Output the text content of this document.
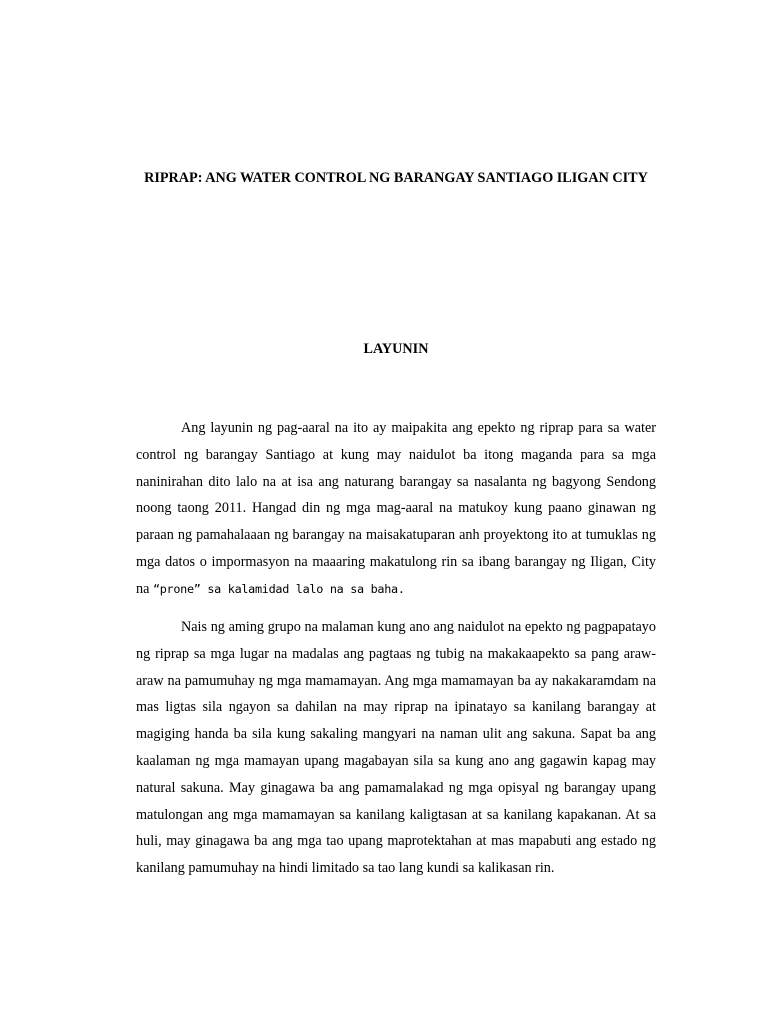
RIPRAP: ANG WATER CONTROL NG BARANGAY SANTIAGO ILIGAN CITY

LAYUNIN

Ang layunin ng pag-aaral na ito ay maipakita ang epekto ng riprap para sa water control ng barangay Santiago at kung may naidulot ba itong maganda para sa mga naninirahan dito lalo na at isa ang naturang barangay sa nasalanta ng bagyong Sendong noong taong 2011. Hangad din ng mga mag-aaral na matukoy kung paano ginawan ng paraan ng pamahalaaan ng barangay na maisakatuparan anh proyektong ito at tumuklas ng mga datos o impormasyon na maaaring makatulong rin sa ibang barangay ng Iligan, City na “prone” sa kalamidad lalo na sa baha.

Nais ng aming grupo na malaman kung ano ang naidulot na epekto ng pagpapatayo ng riprap sa mga lugar na madalas ang pagtaas ng tubig na makakaapekto sa pang araw-araw na pamumuhay ng mga mamamayan. Ang mga mamamayan ba ay nakakaramdam na mas ligtas sila ngayon sa dahilan na may riprap na ipinatayo sa kanilang barangay at magiging handa ba sila kung sakaling mangyari na naman ulit ang sakuna. Sapat ba ang kaalaman ng mga mamayan upang magabayan sila sa kung ano ang gagawin kapag may natural sakuna. May ginagawa ba ang pamamalakad ng mga opisyal ng barangay upang matulongan ang mga mamamayan sa kanilang kaligtasan at sa kanilang kapakanan. At sa huli, may ginagawa ba ang mga tao upang maprotektahan at mas mapabuti ang estado ng kanilang pamumuhay na hindi limitado sa tao lang kundi sa kalikasan rin.
